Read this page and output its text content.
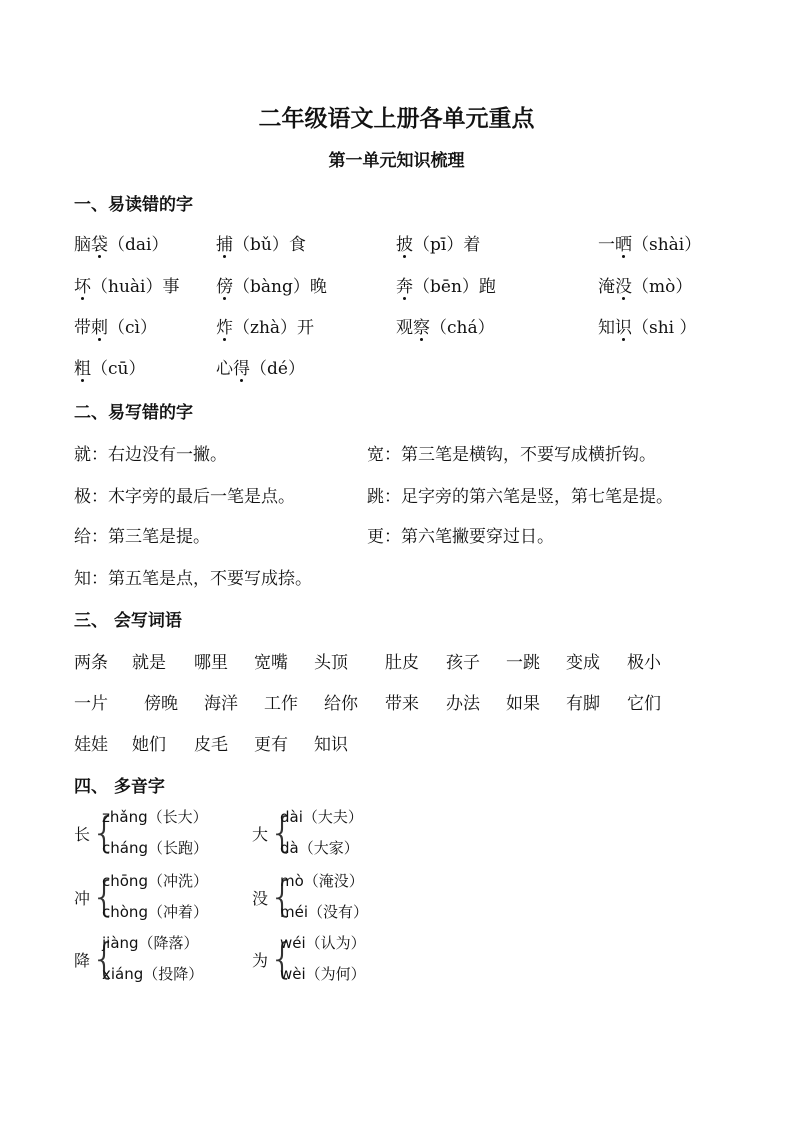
二年级语文上册各单元重点
第一单元知识梳理
一、易读错的字
脑袋（dai）	捕（bǔ）食	披（pī）着	一晒（shài）
坏（huài）事 傍（bàng）晚	奔（bēn）跑	淹没（mò）
带刺（cì）	炸（zhà）开	观察（chá）	知识（shi ）
粗（cū）	心得（dé）
二、易写错的字
就：右边没有一撇。	宽：第三笔是横钩，不要写成横折钩。
极：木字旁的最后一笔是点。	跳：足字旁的第六笔是竖，第七笔是提。
给：第三笔是提。	更：第六笔撇要穿过日。
知：第五笔是点，不要写成捺。
三、 会写词语
两条 就是 哪里 宽嘴 头顶 肚皮 孩子 一跳 变成 极小
一片 傍晚 海洋 工作 给你 带来 办法 如果 有脚 它们
娃娃 她们 皮毛 更有 知识
四、 多音字
长 {
zhǎng（长大）
cháng（长跑）
大 {
dài（大夫）
dà（大家）
冲 {
chōng（冲洗）
chòng（冲着）
没 {
mò（淹没）
méi（没有）
降 {
jiàng（降落）
xiáng（投降）
为 {
wéi（认为）
wèi（为何）
